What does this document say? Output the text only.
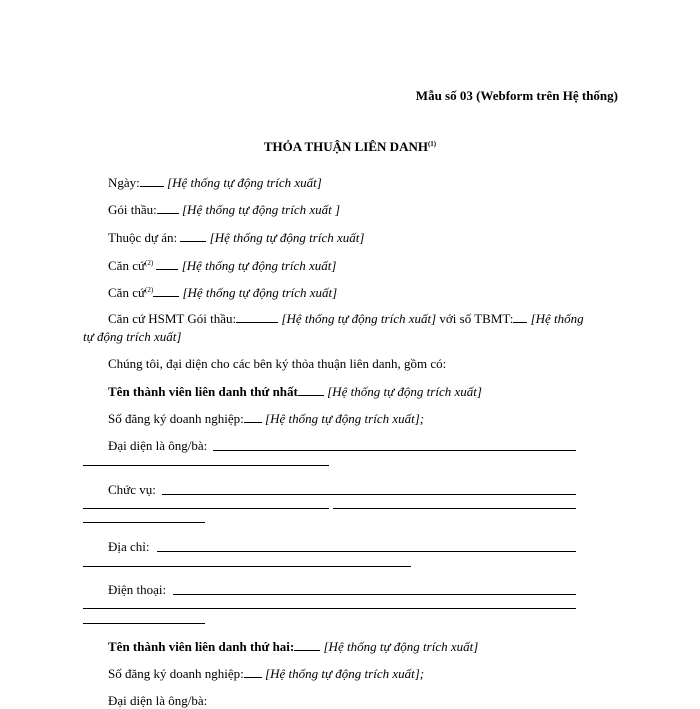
Mẫu số 03 (Webform trên Hệ thống)
THỎA THUẬN LIÊN DANH$^{(1)}$
Ngày: [Hệ thống tự động trích xuất]
Gói thầu: [Hệ thống tự động trích xuất ]
Thuộc dự án:	[Hệ thống tự động trích xuất]
Căn cứ$^{(2)}$ [Hệ thống tự động trích xuất]
Căn cứ$^{(2)}$ [Hệ thống tự động trích xuất]
Căn cứ HSMT Gói thầu:	[Hệ thống tự động trích xuất] với số TBMT: [Hệ thống
tự động trích xuất]
Chúng tôi, đại diện cho các bên ký thỏa thuận liên danh, gồm có:
Tên thành viên liên danh thứ nhất [Hệ thống tự động trích xuất]
Số đăng ký doanh nghiệp: [Hệ thống tự động trích xuất];
Đại diện là ông/bà:
Chức vụ:
Địa chỉ:
Điện thoại:
Tên thành viên liên danh thứ hai: [Hệ thống tự động trích xuất]
Số đăng ký doanh nghiệp: [Hệ thống tự động trích xuất];
Đại diện là ông/bà:
